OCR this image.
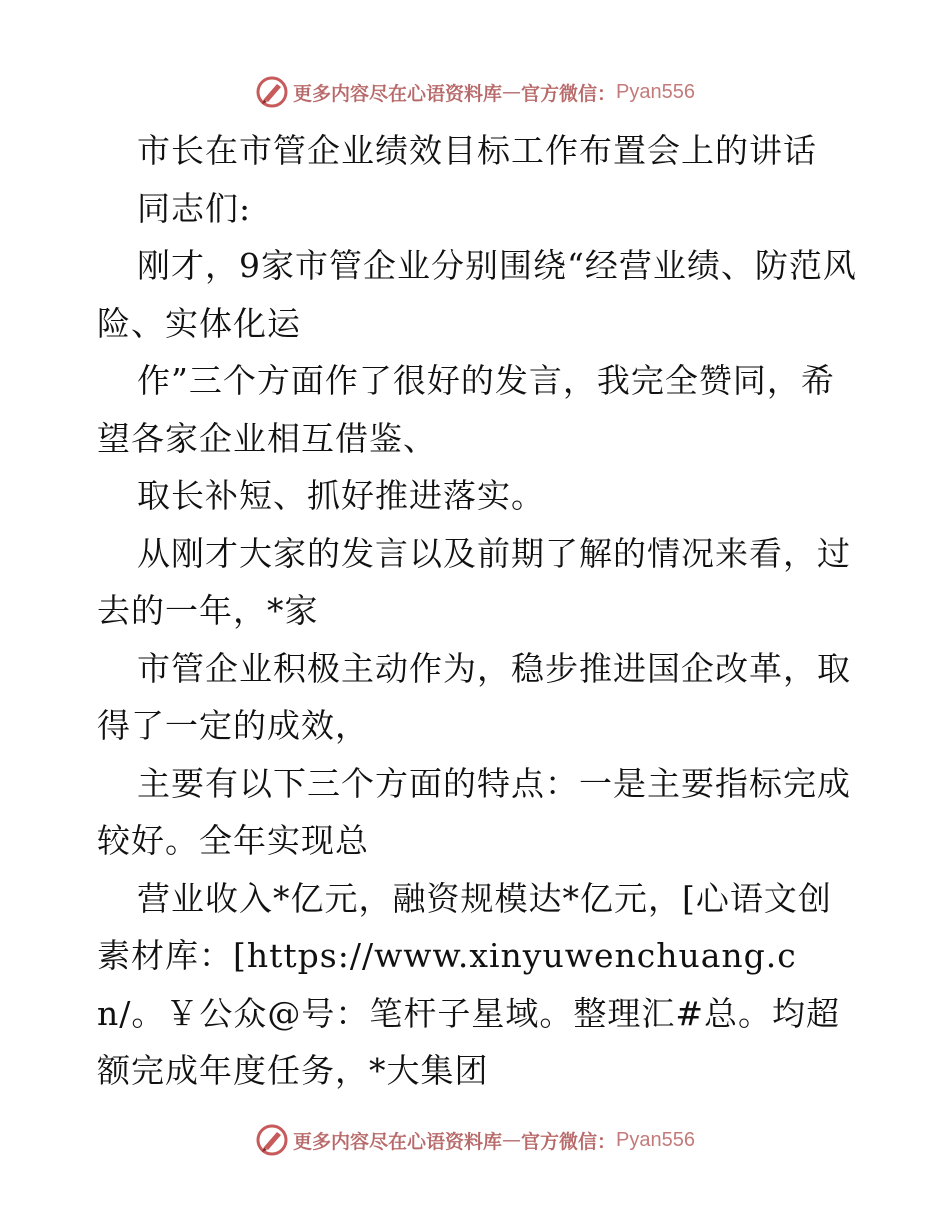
更多内容尽在心语资料库 — 官方微信： Pyan556

市长在市管企业绩效目标工作布置会上的讲话

同志们:

刚才，9家市管企业分别围绕“经营业绩、防范风险、实体化运

作”三个方面作了很好的发言，我完全赞同，希望各家企业相互借鉴、

取长补短、抓好推进落实。

从刚才大家的发言以及前期了解的情况来看，过去的一年，*家

市管企业积极主动作为，稳步推进国企改革，取得了一定的成效，

主要有以下三个方面的特点：一是主要指标完成较好。全年实现总

营业收入*亿元，融资规模达*亿元，[心语文创素材库：[https://www.xinyuwenchuang.cn/。￥公众@号：笔杆子星域。整理汇#总。均超额完成年度任务，*大集团

更多内容尽在心语资料库 — 官方微信： Pyan556
